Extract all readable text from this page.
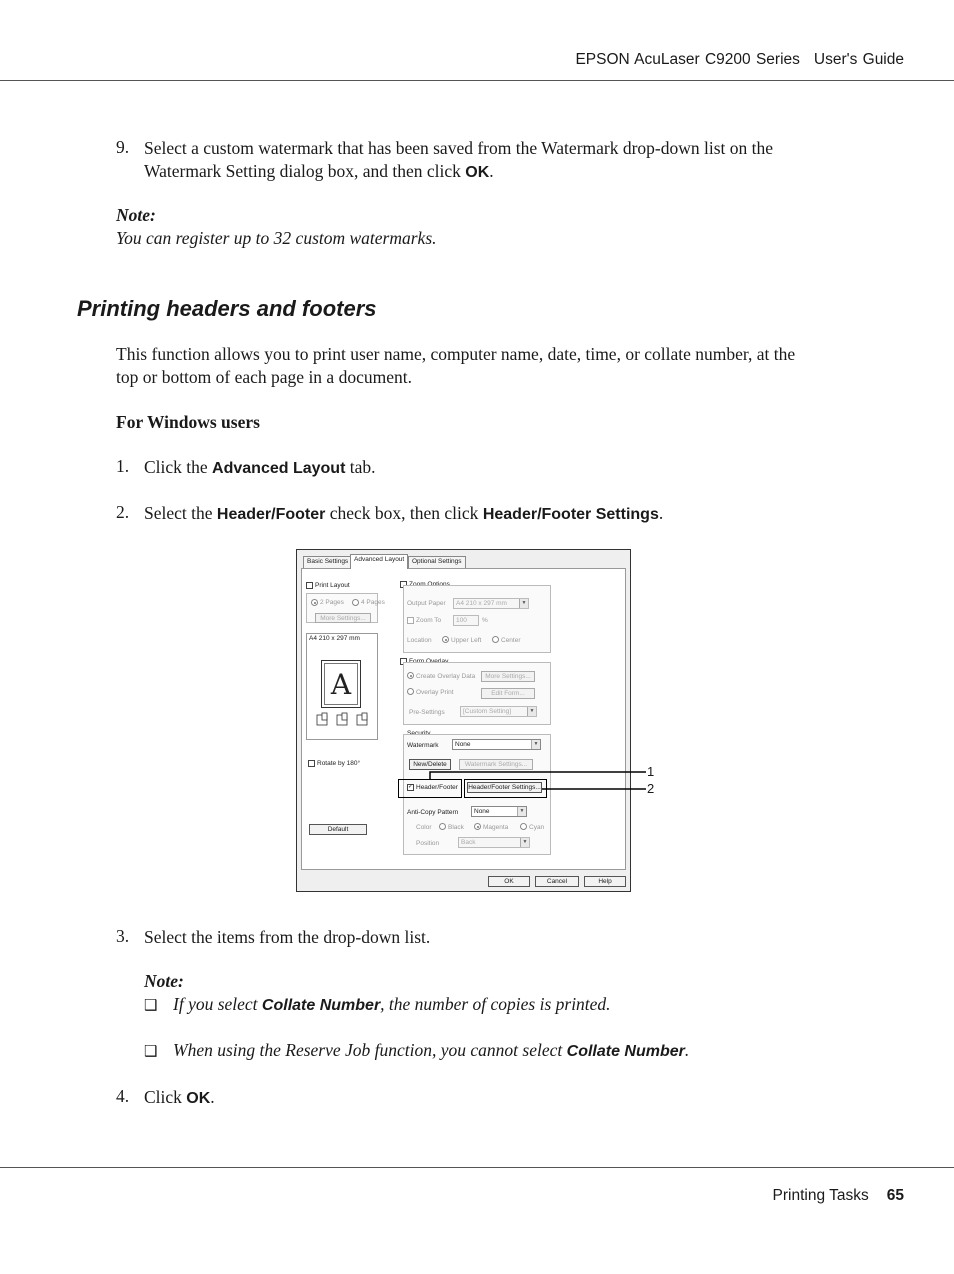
EPSON AcuLaser C9200 Series User's Guide
9. Select a custom watermark that has been saved from the Watermark drop-down list on the
Watermark Setting dialog box, and then click OK.
Note:
You can register up to 32 custom watermarks.
Printing headers and footers
This function allows you to print user name, computer name, date, time, or collate number, at the
top or bottom of each page in a document.
For Windows users
1. Click the Advanced Layout tab.
2. Select the Header/Footer check box, then click Header/Footer Settings.
Basic Settings Advanced Layout	Optional Settings
Print Layout
2 Pages	4 Pages
More Settings...
A4 210 x 297 mm
A
Rotate by 180°
Default
Output Paper	A4 210 x 297 mm	▼
Zoom To	100	%
Location	Upper Left	Center
Create Overlay Data	More Settings...
Overlay Print	Edit Form...
Pre-Settings	[Custom Setting]	▼
Watermark	None	▼
New/Delete	Watermark Settings...
✓ Header/Footer Header/Footer Settings...
Anti-Copy Pattern	None	▼
Color	Black	Magenta	Cyan
Position	Back	▼
OK	Cancel	Help
1
2
3. Select the items from the drop-down list.
Note:
❑ If you select Collate Number, the number of copies is printed.
❑ When using the Reserve Job function, you cannot select Collate Number.
4. Click OK.
Printing Tasks 65
